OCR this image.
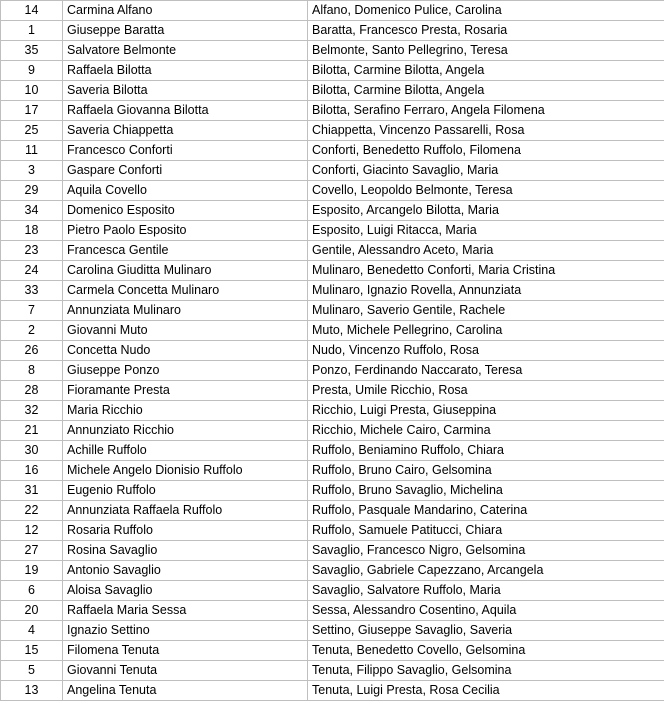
14	Carmina Alfano	Alfano, Domenico Pulice, Carolina
1	Giuseppe Baratta	Baratta, Francesco Presta, Rosaria
35	Salvatore Belmonte	Belmonte, Santo Pellegrino, Teresa
9	Raffaela Bilotta	Bilotta, Carmine Bilotta, Angela
10	Saveria Bilotta	Bilotta, Carmine Bilotta, Angela
17	Raffaela Giovanna Bilotta	Bilotta, Serafino Ferraro, Angela Filomena
25	Saveria Chiappetta	Chiappetta, Vincenzo Passarelli, Rosa
11	Francesco Conforti	Conforti, Benedetto Ruffolo, Filomena
3	Gaspare Conforti	Conforti, Giacinto Savaglio, Maria
29	Aquila Covello	Covello, Leopoldo Belmonte, Teresa
34	Domenico Esposito	Esposito, Arcangelo Bilotta, Maria
18	Pietro Paolo Esposito	Esposito, Luigi Ritacca, Maria
23	Francesca Gentile	Gentile, Alessandro Aceto, Maria
24	Carolina Giuditta Mulinaro	Mulinaro, Benedetto Conforti, Maria Cristina
33	Carmela Concetta Mulinaro	Mulinaro, Ignazio Rovella, Annunziata
7	Annunziata Mulinaro	Mulinaro, Saverio Gentile, Rachele
2	Giovanni Muto	Muto, Michele Pellegrino, Carolina
26	Concetta Nudo	Nudo, Vincenzo Ruffolo, Rosa
8	Giuseppe Ponzo	Ponzo, Ferdinando Naccarato, Teresa
28	Fioramante Presta	Presta, Umile Ricchio, Rosa
32	Maria Ricchio	Ricchio, Luigi Presta, Giuseppina
21	Annunziato Ricchio	Ricchio, Michele Cairo, Carmina
30	Achille Ruffolo	Ruffolo, Beniamino Ruffolo, Chiara
16	Michele Angelo Dionisio Ruffolo	Ruffolo, Bruno Cairo, Gelsomina
31	Eugenio Ruffolo	Ruffolo, Bruno Savaglio, Michelina
22	Annunziata Raffaela Ruffolo	Ruffolo, Pasquale Mandarino, Caterina
12	Rosaria Ruffolo	Ruffolo, Samuele Patitucci, Chiara
27	Rosina Savaglio	Savaglio, Francesco Nigro, Gelsomina
19	Antonio Savaglio	Savaglio, Gabriele Capezzano, Arcangela
6	Aloisa Savaglio	Savaglio, Salvatore Ruffolo, Maria
20	Raffaela Maria Sessa	Sessa, Alessandro Cosentino, Aquila
4	Ignazio Settino	Settino, Giuseppe Savaglio, Saveria
15	Filomena Tenuta	Tenuta, Benedetto Covello, Gelsomina
5	Giovanni Tenuta	Tenuta, Filippo Savaglio, Gelsomina
13	Angelina Tenuta	Tenuta, Luigi Presta, Rosa Cecilia
